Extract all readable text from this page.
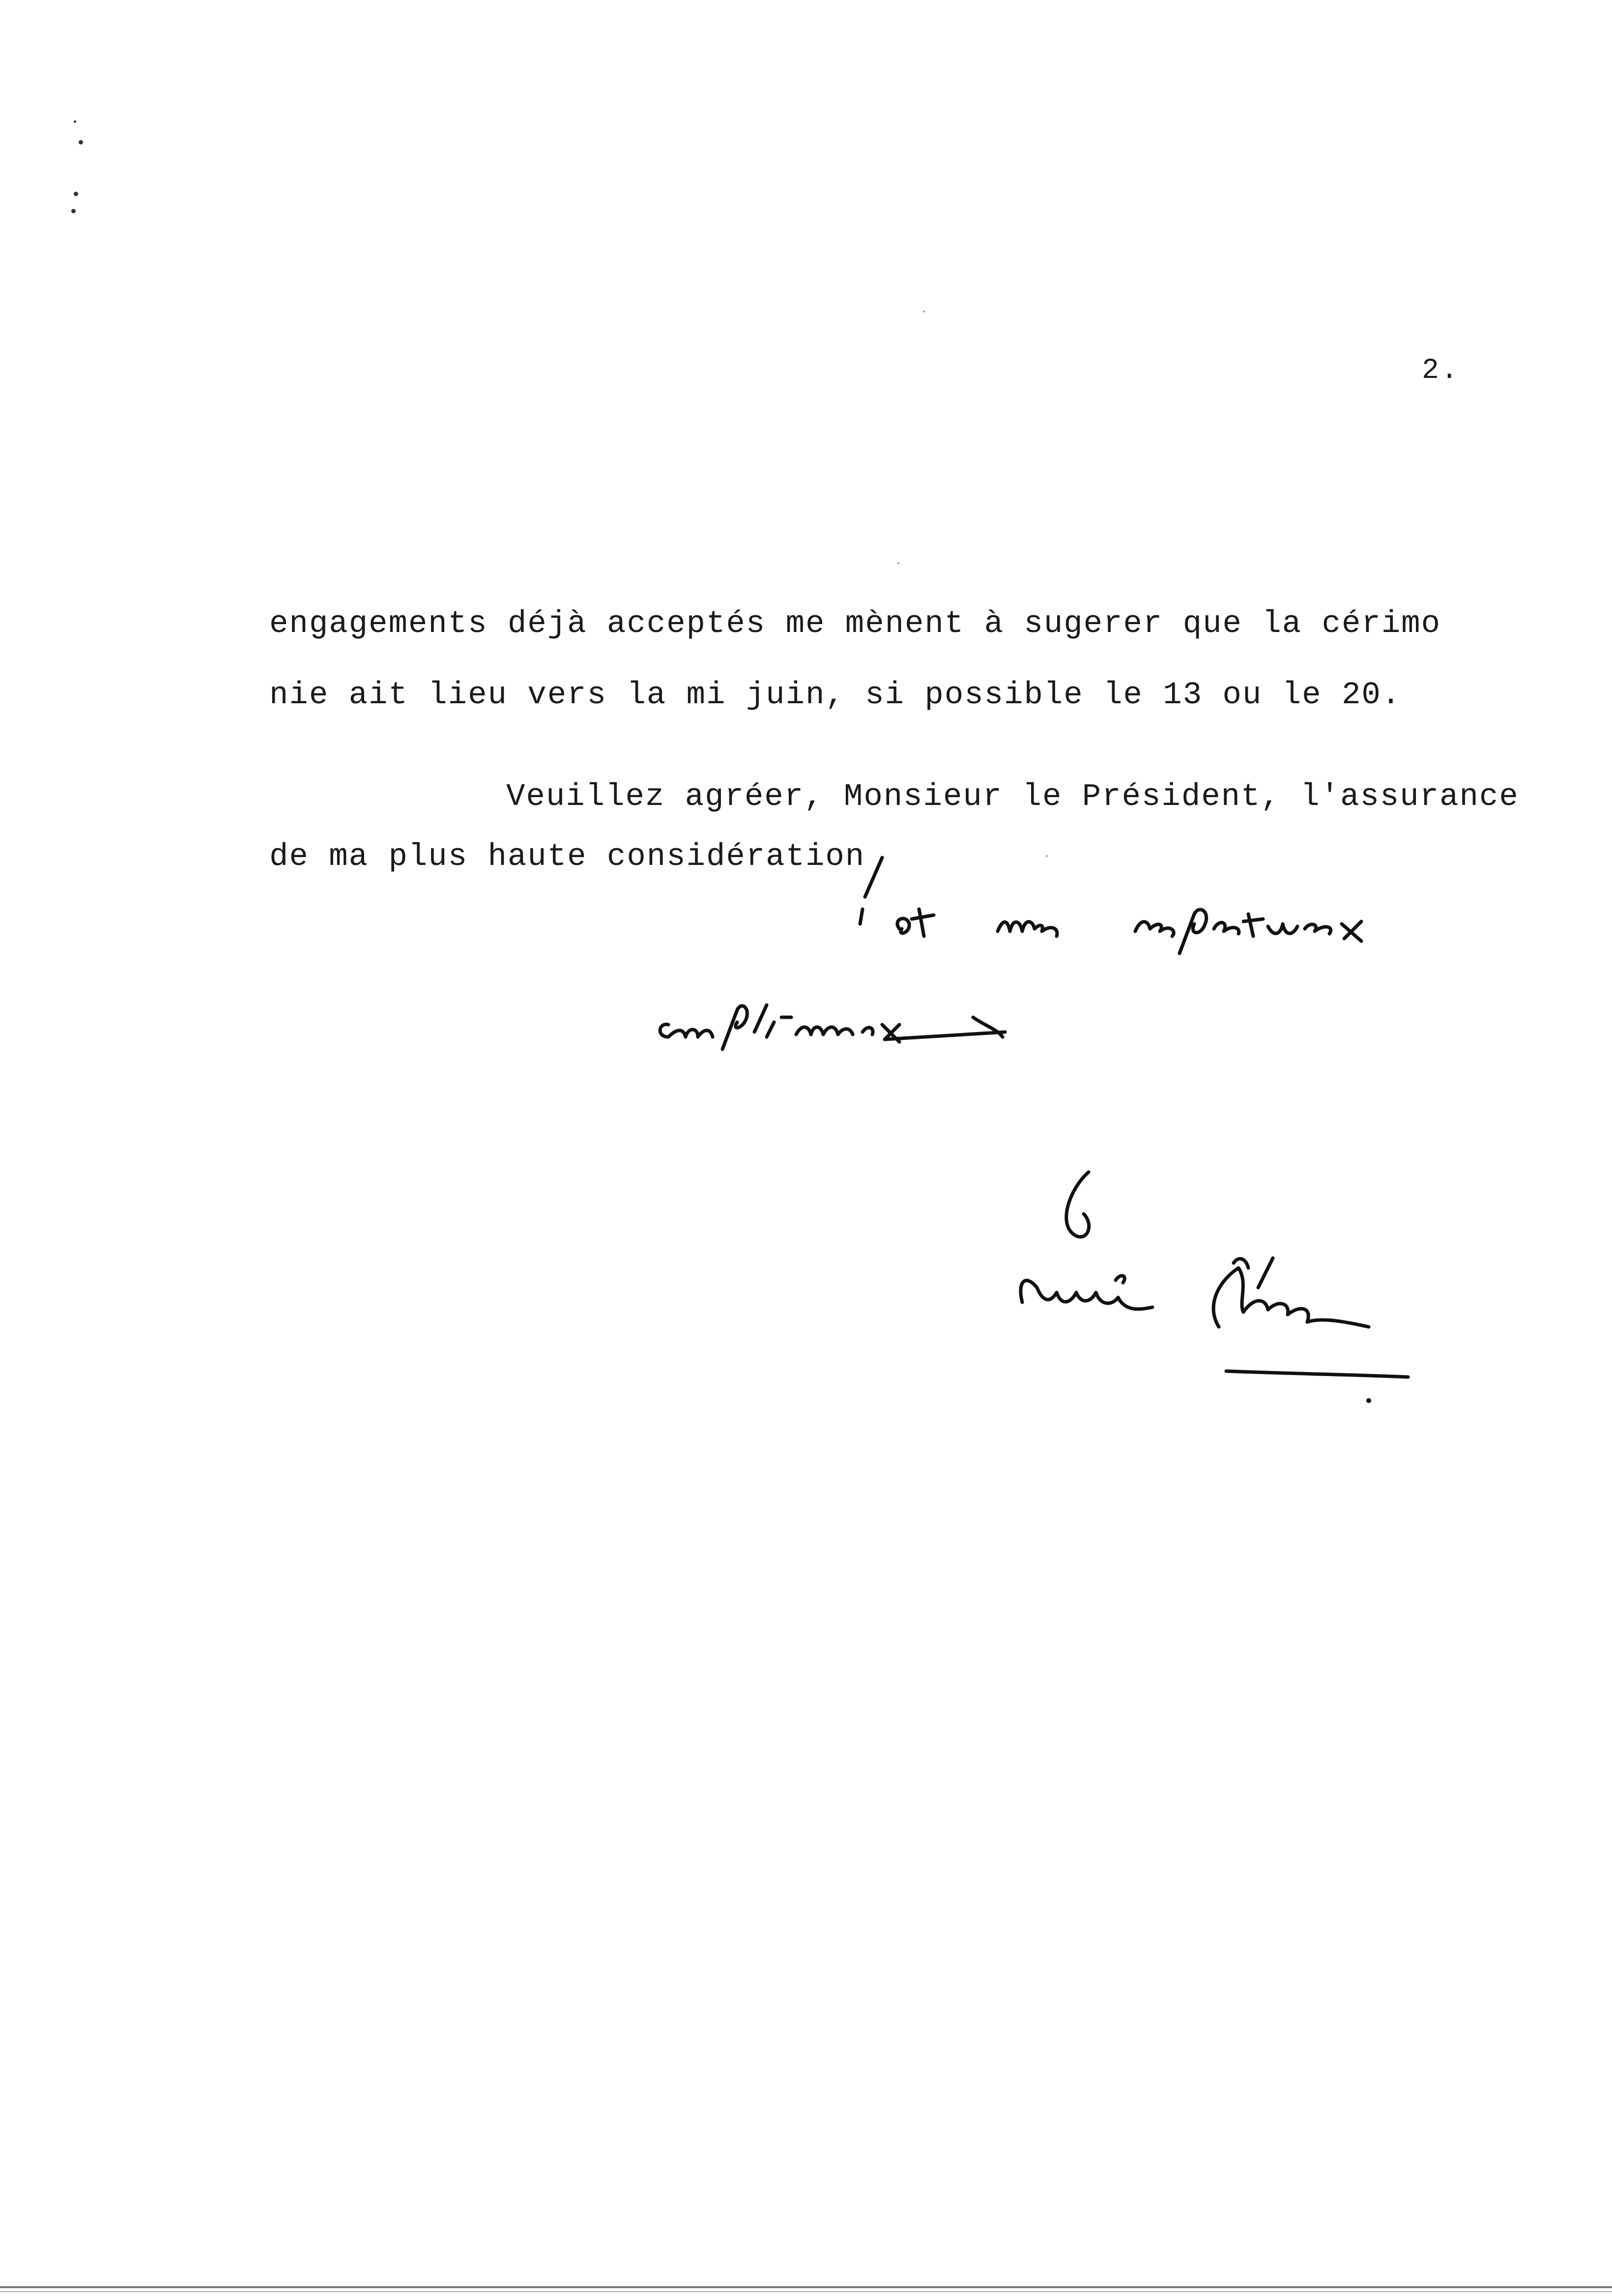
2.
engagements déjà acceptés me mènent à sugerer que la cérimo
nie ait lieu vers la mi juin, si possible le 13 ou le 20.
Veuillez agréer, Monsieur le Président, l'assurance
de ma plus haute considération
